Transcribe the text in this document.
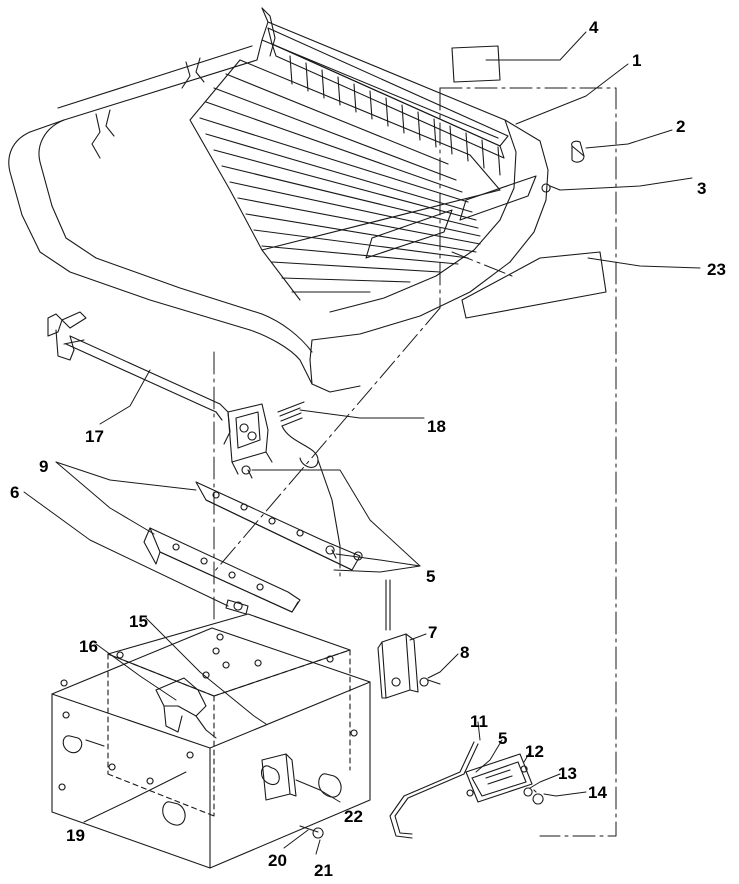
4
1
2
3
23
18
17
9
6
5
15
7
16	8
11
5
12
13
14
22
19
20
21
